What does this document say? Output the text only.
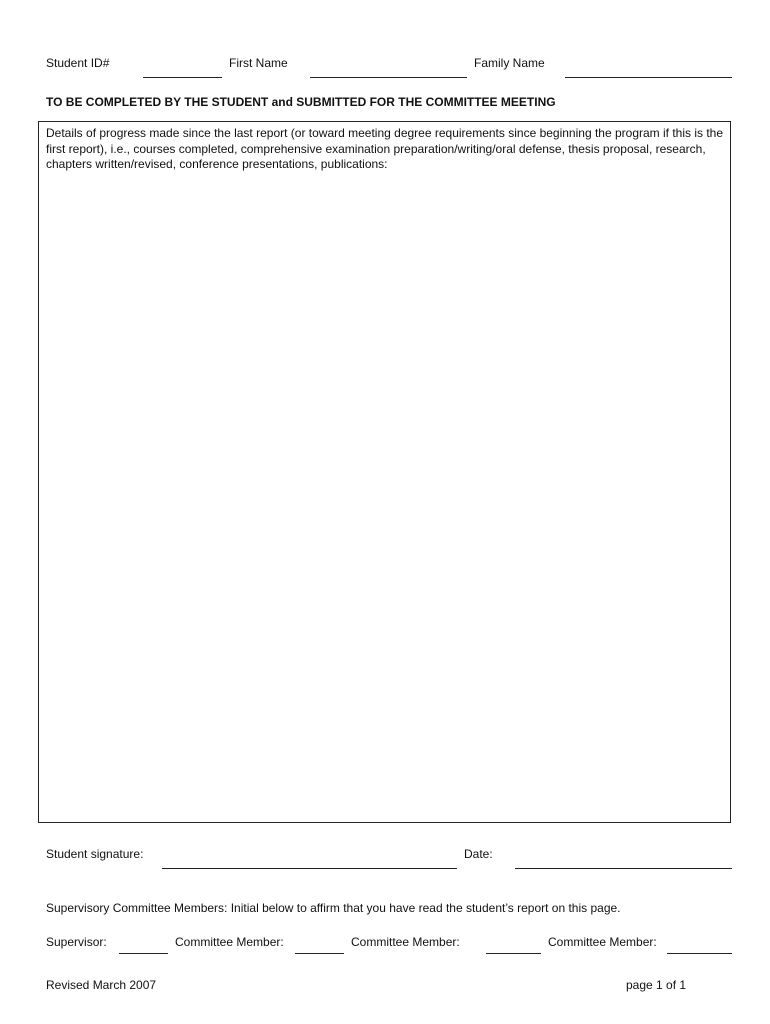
Student ID#	First Name	Family Name
TO BE COMPLETED BY THE STUDENT and SUBMITTED FOR THE COMMITTEE MEETING
Details of progress made since the last report (or toward meeting degree requirements since beginning the program if this is the first report), i.e., courses completed, comprehensive examination preparation/writing/oral defense, thesis proposal, research, chapters written/revised, conference presentations, publications:
Student signature:	Date:
Supervisory Committee Members: Initial below to affirm that you have read the student’s report on this page.
Supervisor:	Committee Member:	Committee Member:	Committee Member:
Revised March 2007	page 1 of 1
